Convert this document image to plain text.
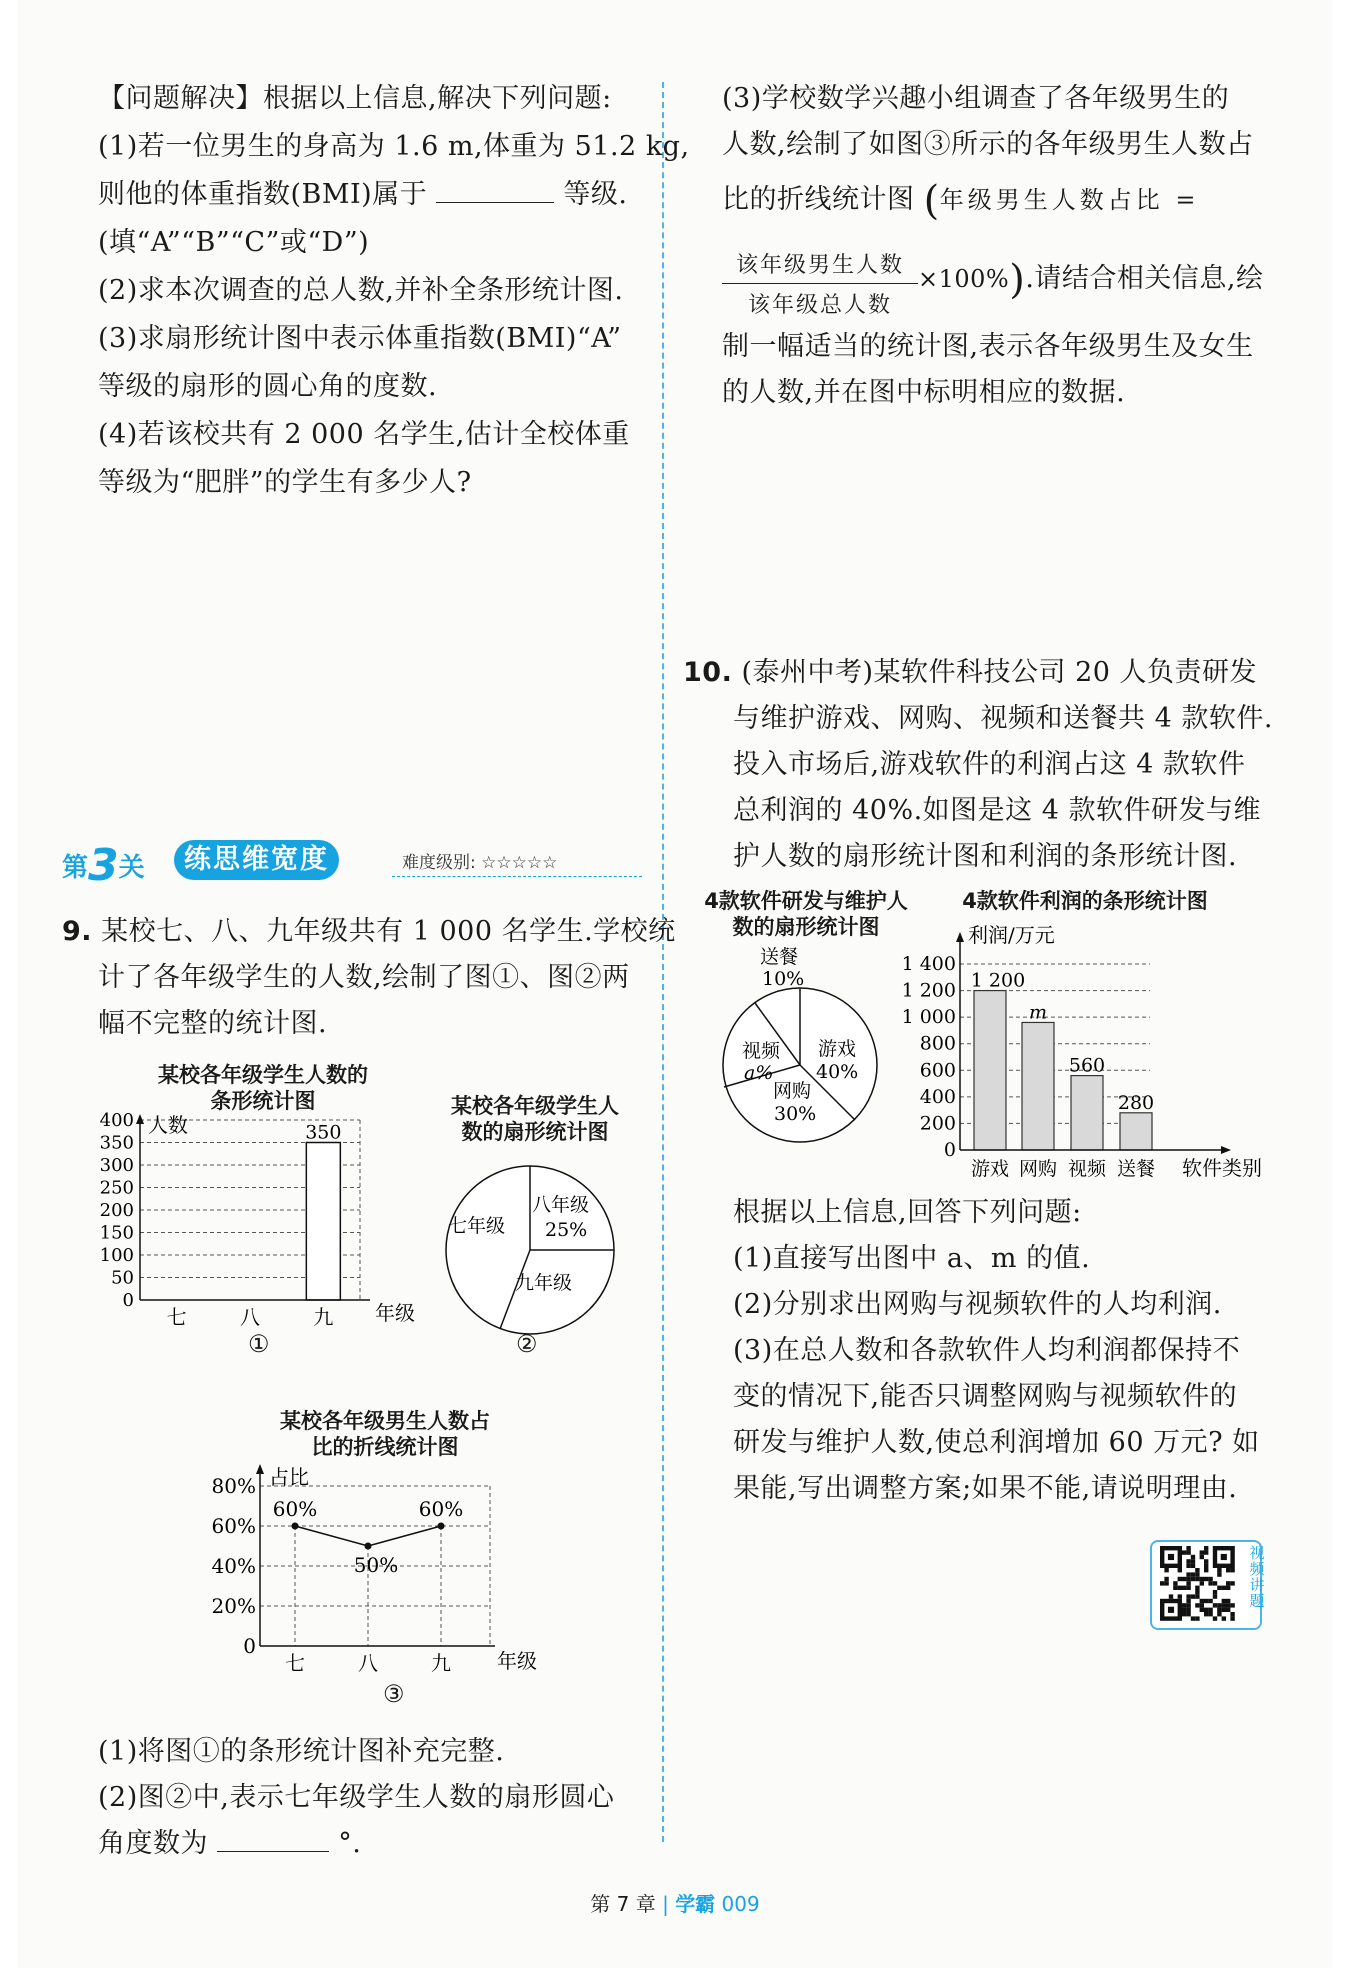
【问题解决】根据以上信息,解决下列问题:
(1)若一位男生的身高为 1.6 m,体重为 51.2 kg,
则他的体重指数(BMI)属于	等级.
(填“A”“B”“C”或“D”)
(2)求本次调查的总人数,并补全条形统计图.
(3)求扇形统计图中表示体重指数(BMI)“A”
等级的扇形的圆心角的度数.
(4)若该校共有 2 000 名学生,估计全校体重
等级为“肥胖”的学生有多少人?
第3关	练思维宽度	难度级别: ☆☆☆☆☆
9. 某校七、八、九年级共有 1 000 名学生.学校统
计了各年级学生的人数,绘制了图①、图②两
幅不完整的统计图.
某校各年级学生人数的
条形统计图
350
0
50
100
150
200
250
300
350
400
七	八	九
人数
年级
①
某校各年级学生人
数的扇形统计图
八年级
25%
七年级
九年级
②
某校各年级男生人数占
比的折线统计图
0
20%
40%
60%
80%
七	八	九
60%
50%
60%
占比
年级
③
(1)将图①的条形统计图补充完整.
(2)图②中,表示七年级学生人数的扇形圆心
角度数为	°.
(3)学校数学兴趣小组调查了各年级男生的
人数,绘制了如图③所示的各年级男生人数占
比的折线统计图 (年级男生人数占比 =
该年级男生人数
该年级总人数
×100%).请结合相关信息,绘
制一幅适当的统计图,表示各年级男生及女生
的人数,并在图中标明相应的数据.
10. (泰州中考)某软件科技公司 20 人负责研发
与维护游戏、网购、视频和送餐共 4 款软件.
投入市场后,游戏软件的利润占这 4 款软件
总利润的 40%.如图是这 4 款软件研发与维
护人数的扇形统计图和利润的条形统计图.
4款软件研发与维护人
数的扇形统计图
送餐
10%
游戏
40%
网购
30%
视频
a%
4款软件利润的条形统计图
1 200
m
560
280
0
200
400
600
800
1 000
1 200
1 400
游戏 网购 视频 送餐
利润/万元
软件类别
根据以上信息,回答下列问题:
(1)直接写出图中 a、m 的值.
(2)分别求出网购与视频软件的人均利润.
(3)在总人数和各款软件人均利润都保持不
变的情况下,能否只调整网购与视频软件的
研发与维护人数,使总利润增加 60 万元? 如
果能,写出调整方案;如果不能,请说明理由.
视频讲题
第 7 章 | 学霸 009
